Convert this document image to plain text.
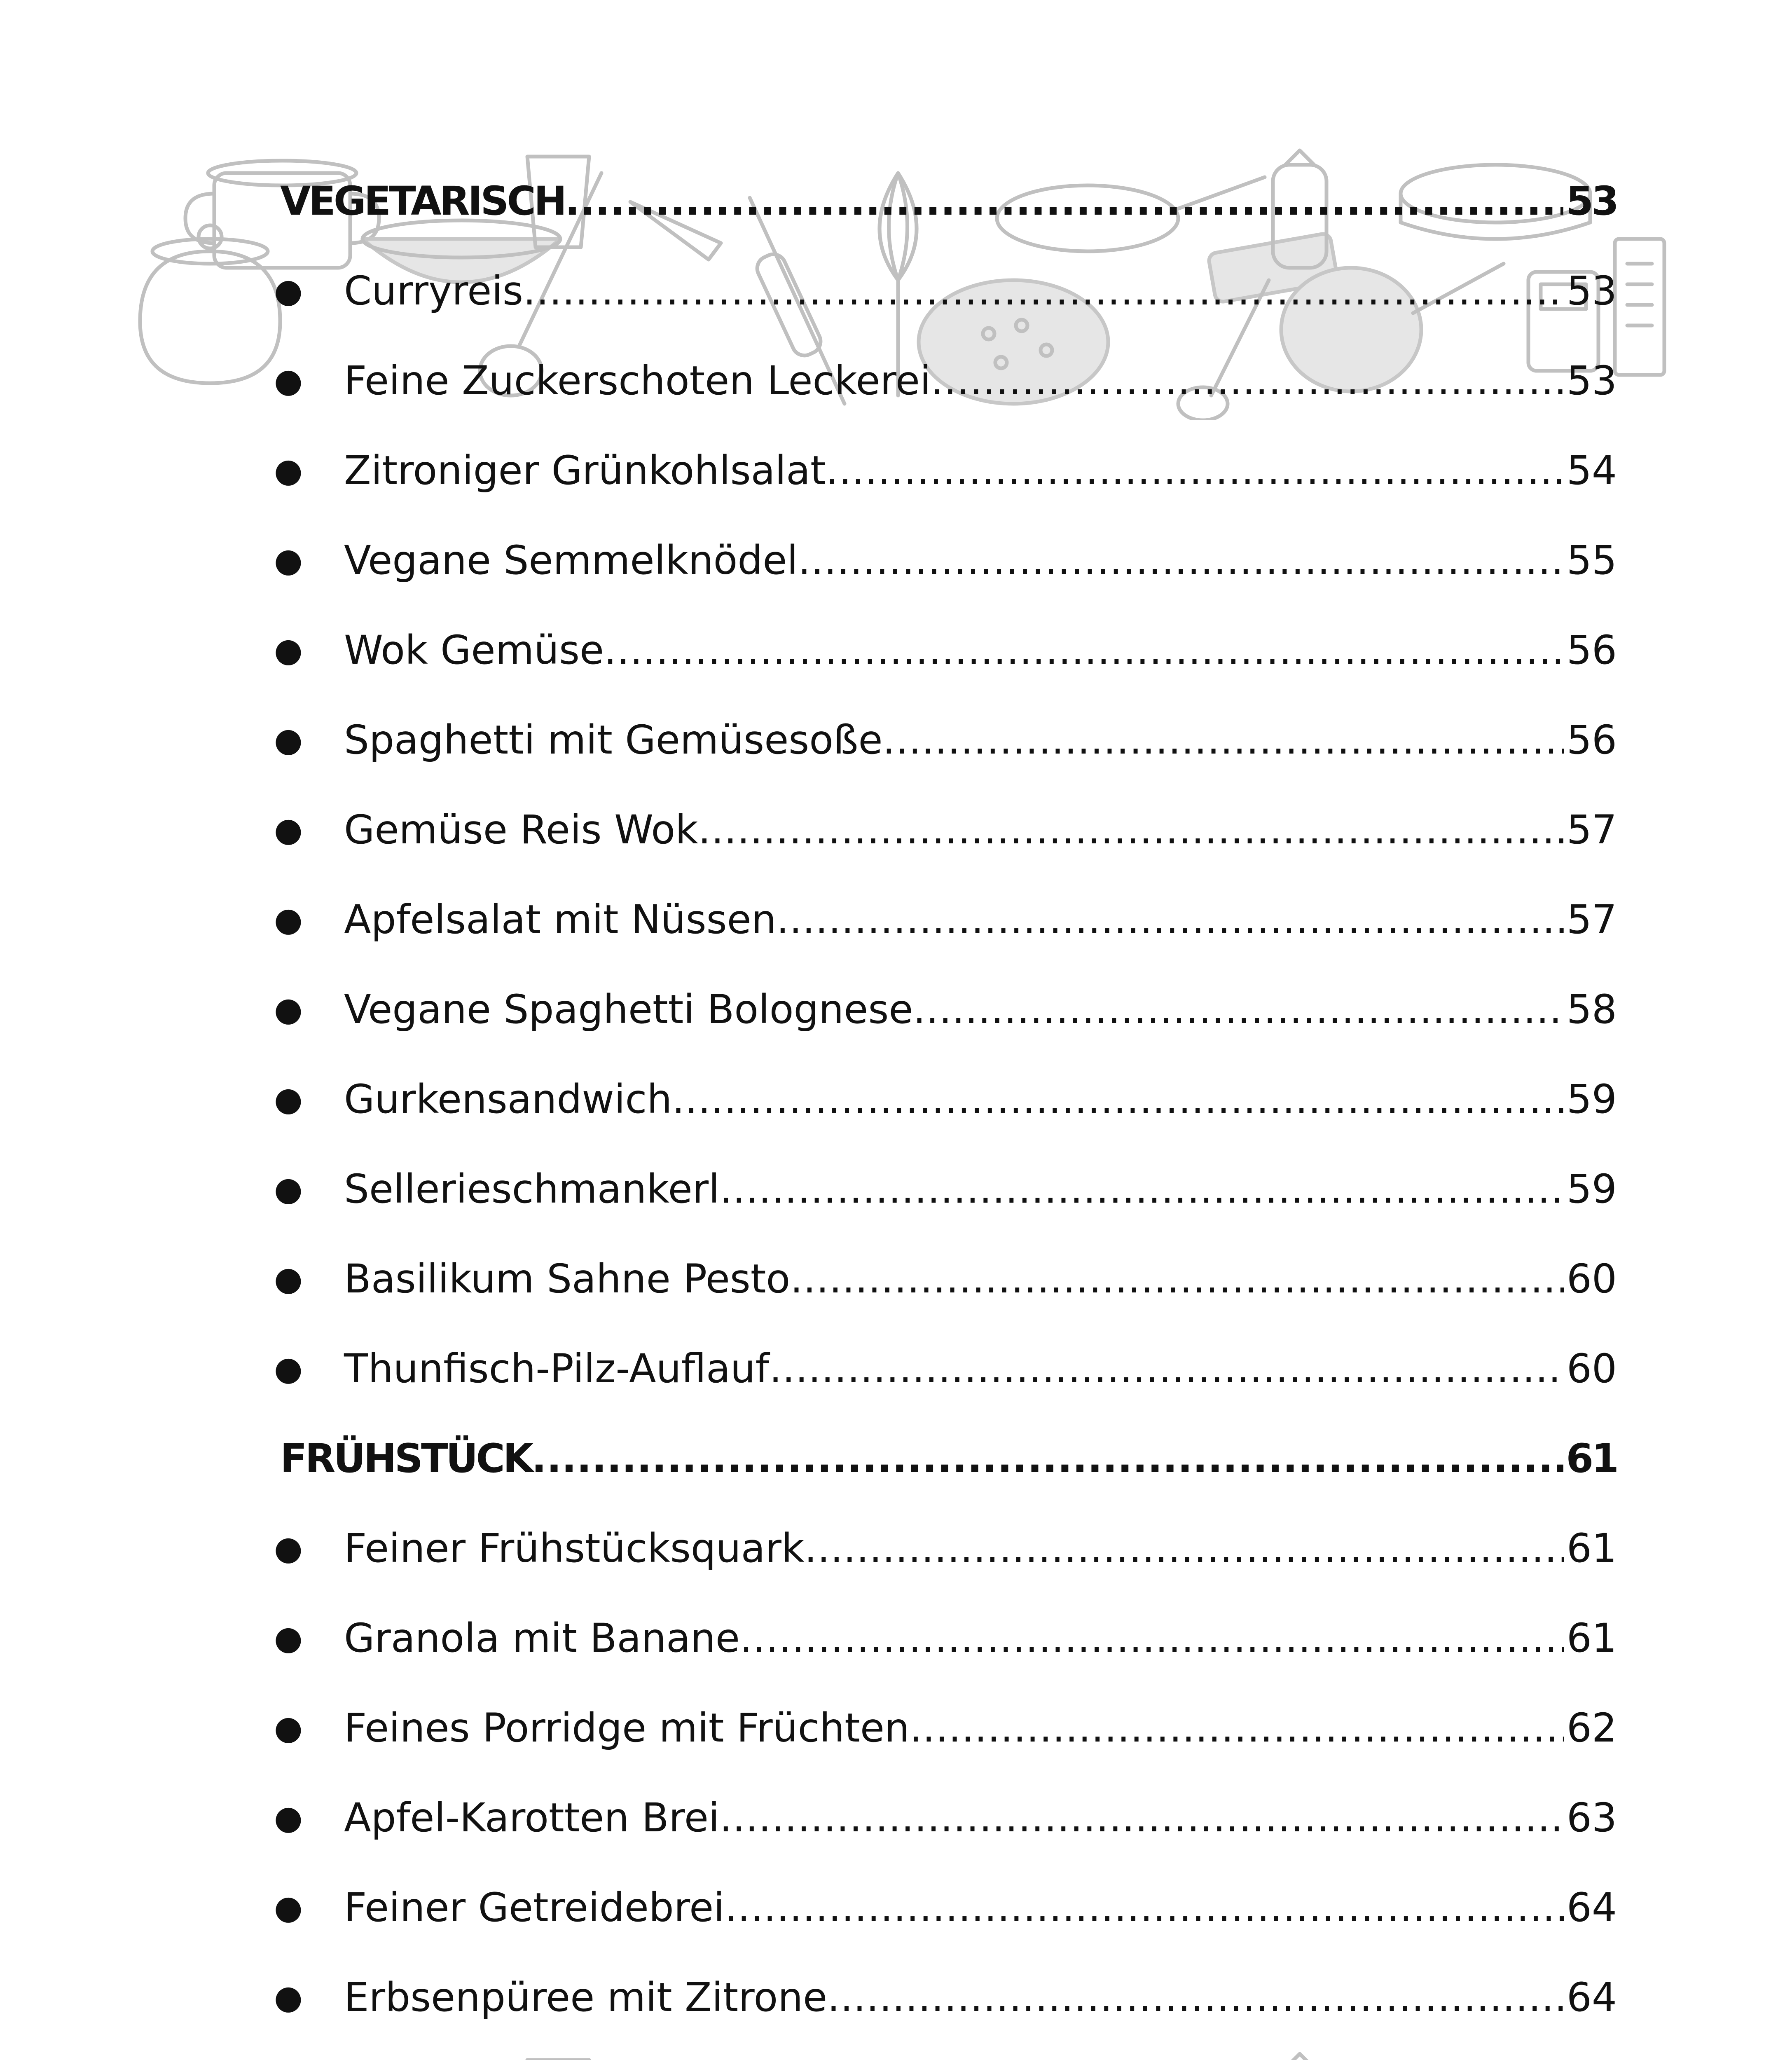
VEGETARISCH .....	53
●	Curryreis .....	53
●	Feine Zuckerschoten Leckerei .....	53
●	Zitroniger Grünkohlsalat .....	54
●	Vegane Semmelknödel .....	55
●	Wok Gemüse .....	56
●	Spaghetti mit Gemüsesoße .....	56
●	Gemüse Reis Wok .....	57
●	Apfelsalat mit Nüssen .....	57
●	Vegane Spaghetti Bolognese .....	58
●	Gurkensandwich .....	59
●	Sellerieschmankerl .....	59
●	Basilikum Sahne Pesto .....	60
●	Thunfisch-Pilz-Auflauf .....	60
FRÜHSTÜCK .....	61
●	Feiner Frühstücksquark .....	61
●	Granola mit Banane .....	61
●	Feines Porridge mit Früchten .....	62
●	Apfel-Karotten Brei .....	63
●	Feiner Getreidebrei .....	64
●	Erbsenpüree mit Zitrone .....	64
.....
